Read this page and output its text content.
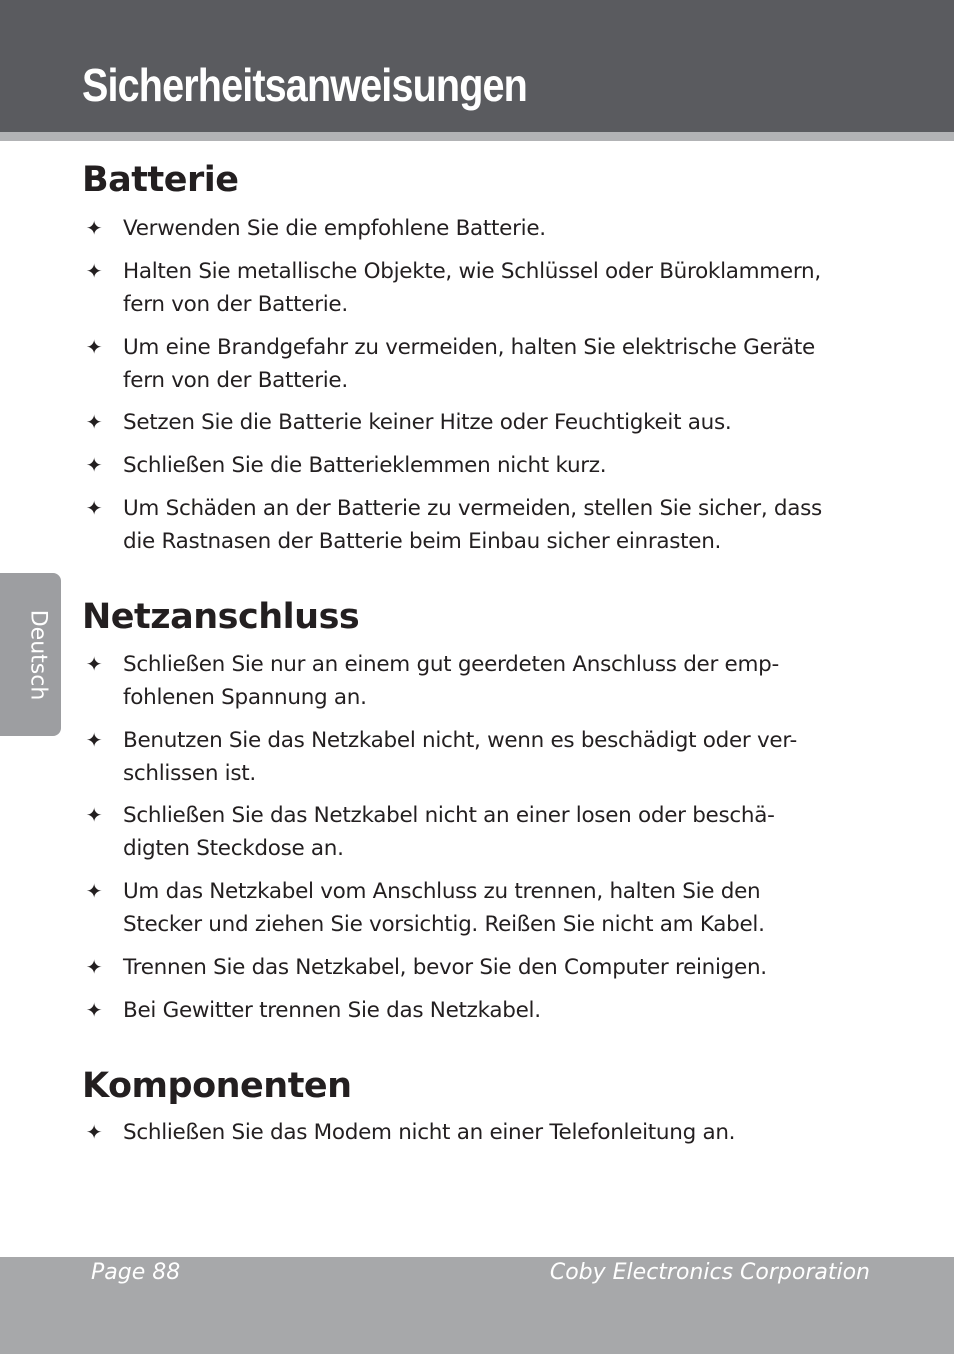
Sicherheitsanweisungen
Deutsch
Batterie
✦ Verwenden Sie die empfohlene Batterie.
✦ Halten Sie metallische Objekte, wie Schlüssel oder Büroklammern,
fern von der Batterie.
✦ Um eine Brandgefahr zu vermeiden, halten Sie elektrische Geräte
fern von der Batterie.
✦ Setzen Sie die Batterie keiner Hitze oder Feuchtigkeit aus.
✦ Schließen Sie die Batterieklemmen nicht kurz.
✦ Um Schäden an der Batterie zu vermeiden, stellen Sie sicher, dass
die Rastnasen der Batterie beim Einbau sicher einrasten.
Netzanschluss
✦ Schließen Sie nur an einem gut geerdeten Anschluss der emp-
fohlenen Spannung an.
✦ Benutzen Sie das Netzkabel nicht, wenn es beschädigt oder ver-
schlissen ist.
✦ Schließen Sie das Netzkabel nicht an einer losen oder beschä-
digten Steckdose an.
✦ Um das Netzkabel vom Anschluss zu trennen, halten Sie den
Stecker und ziehen Sie vorsichtig. Reißen Sie nicht am Kabel.
✦ Trennen Sie das Netzkabel, bevor Sie den Computer reinigen.
✦ Bei Gewitter trennen Sie das Netzkabel.
Komponenten
✦ Schließen Sie das Modem nicht an einer Telefonleitung an.
Page 88	Coby Electronics Corporation
